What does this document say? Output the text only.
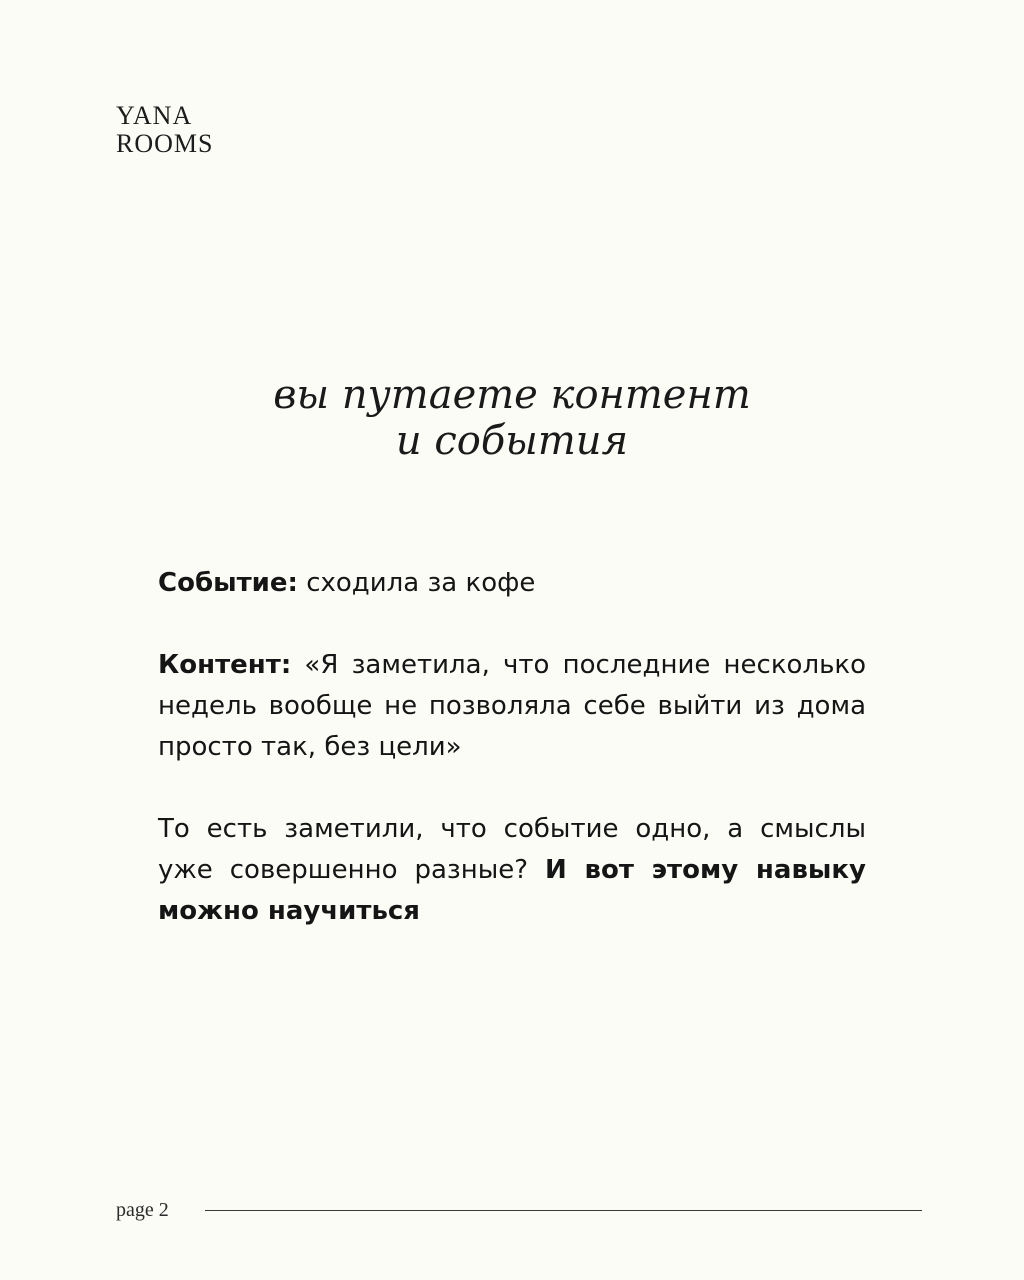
YANA
ROOMS
вы путаете контент
и события

Событие: сходила за кофе

Контент: «Я заметила, что последние несколько недель вообще не позволяла себе выйти из дома просто так, без цели»

То есть заметили, что событие одно, а смыслы уже совершенно разные? И вот этому навыку можно научиться

page 2
